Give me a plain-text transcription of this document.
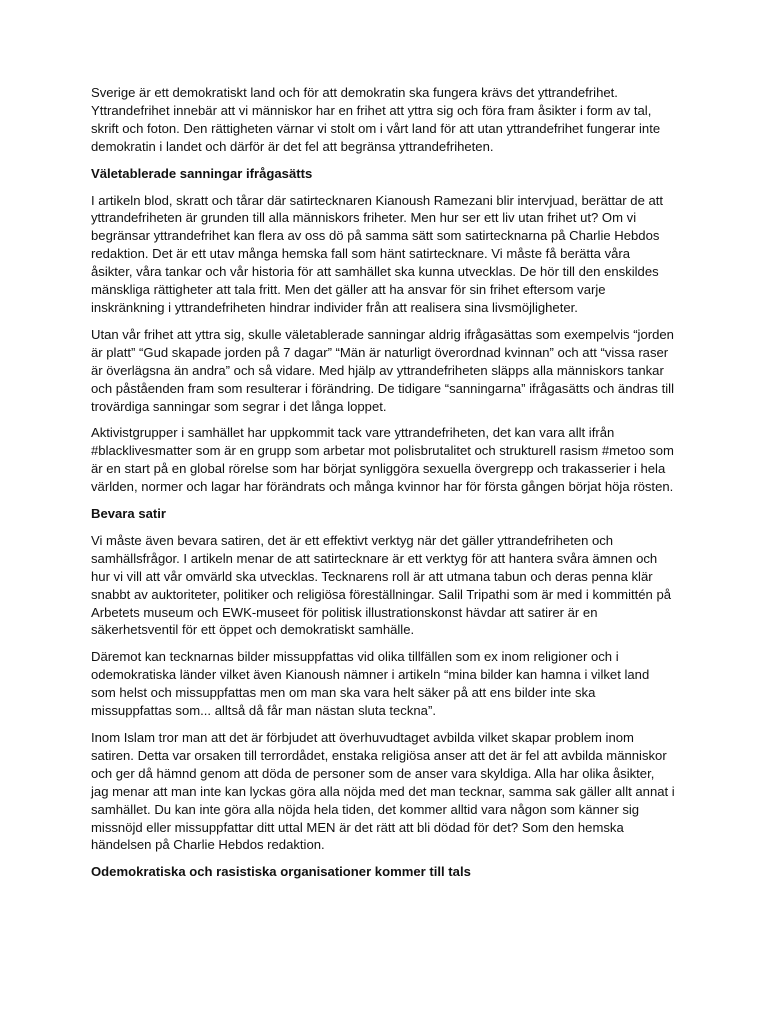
Sverige är ett demokratiskt land och för att demokratin ska fungera krävs det yttrandefrihet. Yttrandefrihet innebär att vi människor har en frihet att yttra sig och föra fram åsikter i form av tal, skrift och foton. Den rättigheten värnar vi stolt om i vårt land för att utan yttrandefrihet fungerar inte demokratin i landet och därför är det fel att begränsa yttrandefriheten.

Väletablerade sanningar ifrågasätts

I artikeln blod, skratt och tårar där satirtecknaren Kianoush Ramezani blir intervjuad, berättar de att yttrandefriheten är grunden till alla människors friheter. Men hur ser ett liv utan frihet ut? Om vi begränsar yttrandefrihet kan flera av oss dö på samma sätt som satirtecknarna på Charlie Hebdos redaktion. Det är ett utav många hemska fall som hänt satirtecknare. Vi måste få berätta våra åsikter, våra tankar och vår historia för att samhället ska kunna utvecklas. De hör till den enskildes mänskliga rättigheter att tala fritt. Men det gäller att ha ansvar för sin frihet eftersom varje inskränkning i yttrandefriheten hindrar individer från att realisera sina livsmöjligheter.

Utan vår frihet att yttra sig, skulle väletablerade sanningar aldrig ifrågasättas som exempelvis “jorden är platt” “Gud skapade jorden på 7 dagar” “Män är naturligt överordnad kvinnan” och att “vissa raser är överlägsna än andra” och så vidare. Med hjälp av yttrandefriheten släpps alla människors tankar och påståenden fram som resulterar i förändring. De tidigare “sanningarna” ifrågasätts och ändras till trovärdiga sanningar som segrar i det långa loppet.

Aktivistgrupper i samhället har uppkommit tack vare yttrandefriheten, det kan vara allt ifrån #blacklivesmatter som är en grupp som arbetar mot polisbrutalitet och strukturell rasism #metoo som är en start på en global rörelse som har börjat synliggöra sexuella övergrepp och trakasserier i hela världen, normer och lagar har förändrats och många kvinnor har för första gången börjat höja rösten.

Bevara satir

Vi måste även bevara satiren, det är ett effektivt verktyg när det gäller yttrandefriheten och samhällsfrågor. I artikeln menar de att satirtecknare är ett verktyg för att hantera svåra ämnen och hur vi vill att vår omvärld ska utvecklas. Tecknarens roll är att utmana tabun och deras penna klär snabbt av auktoriteter, politiker och religiösa föreställningar. Salil Tripathi som är med i kommittén på Arbetets museum och EWK-museet för politisk illustrationskonst hävdar att satirer är en säkerhetsventil för ett öppet och demokratiskt samhälle.

Däremot kan tecknarnas bilder missuppfattas vid olika tillfällen som ex inom religioner och i odemokratiska länder vilket även Kianoush nämner i artikeln “mina bilder kan hamna i vilket land som helst och missuppfattas men om man ska vara helt säker på att ens bilder inte ska missuppfattas som... alltså då får man nästan sluta teckna”.

Inom Islam tror man att det är förbjudet att överhuvudtaget avbilda vilket skapar problem inom satiren. Detta var orsaken till terrordådet, enstaka religiösa anser att det är fel att avbilda människor och ger då hämnd genom att döda de personer som de anser vara skyldiga. Alla har olika åsikter, jag menar att man inte kan lyckas göra alla nöjda med det man tecknar, samma sak gäller allt annat i samhället. Du kan inte göra alla nöjda hela tiden, det kommer alltid vara någon som känner sig missnöjd eller missuppfattar ditt uttal MEN är det rätt att bli dödad för det? Som den hemska händelsen på Charlie Hebdos redaktion.

Odemokratiska och rasistiska organisationer kommer till tals
